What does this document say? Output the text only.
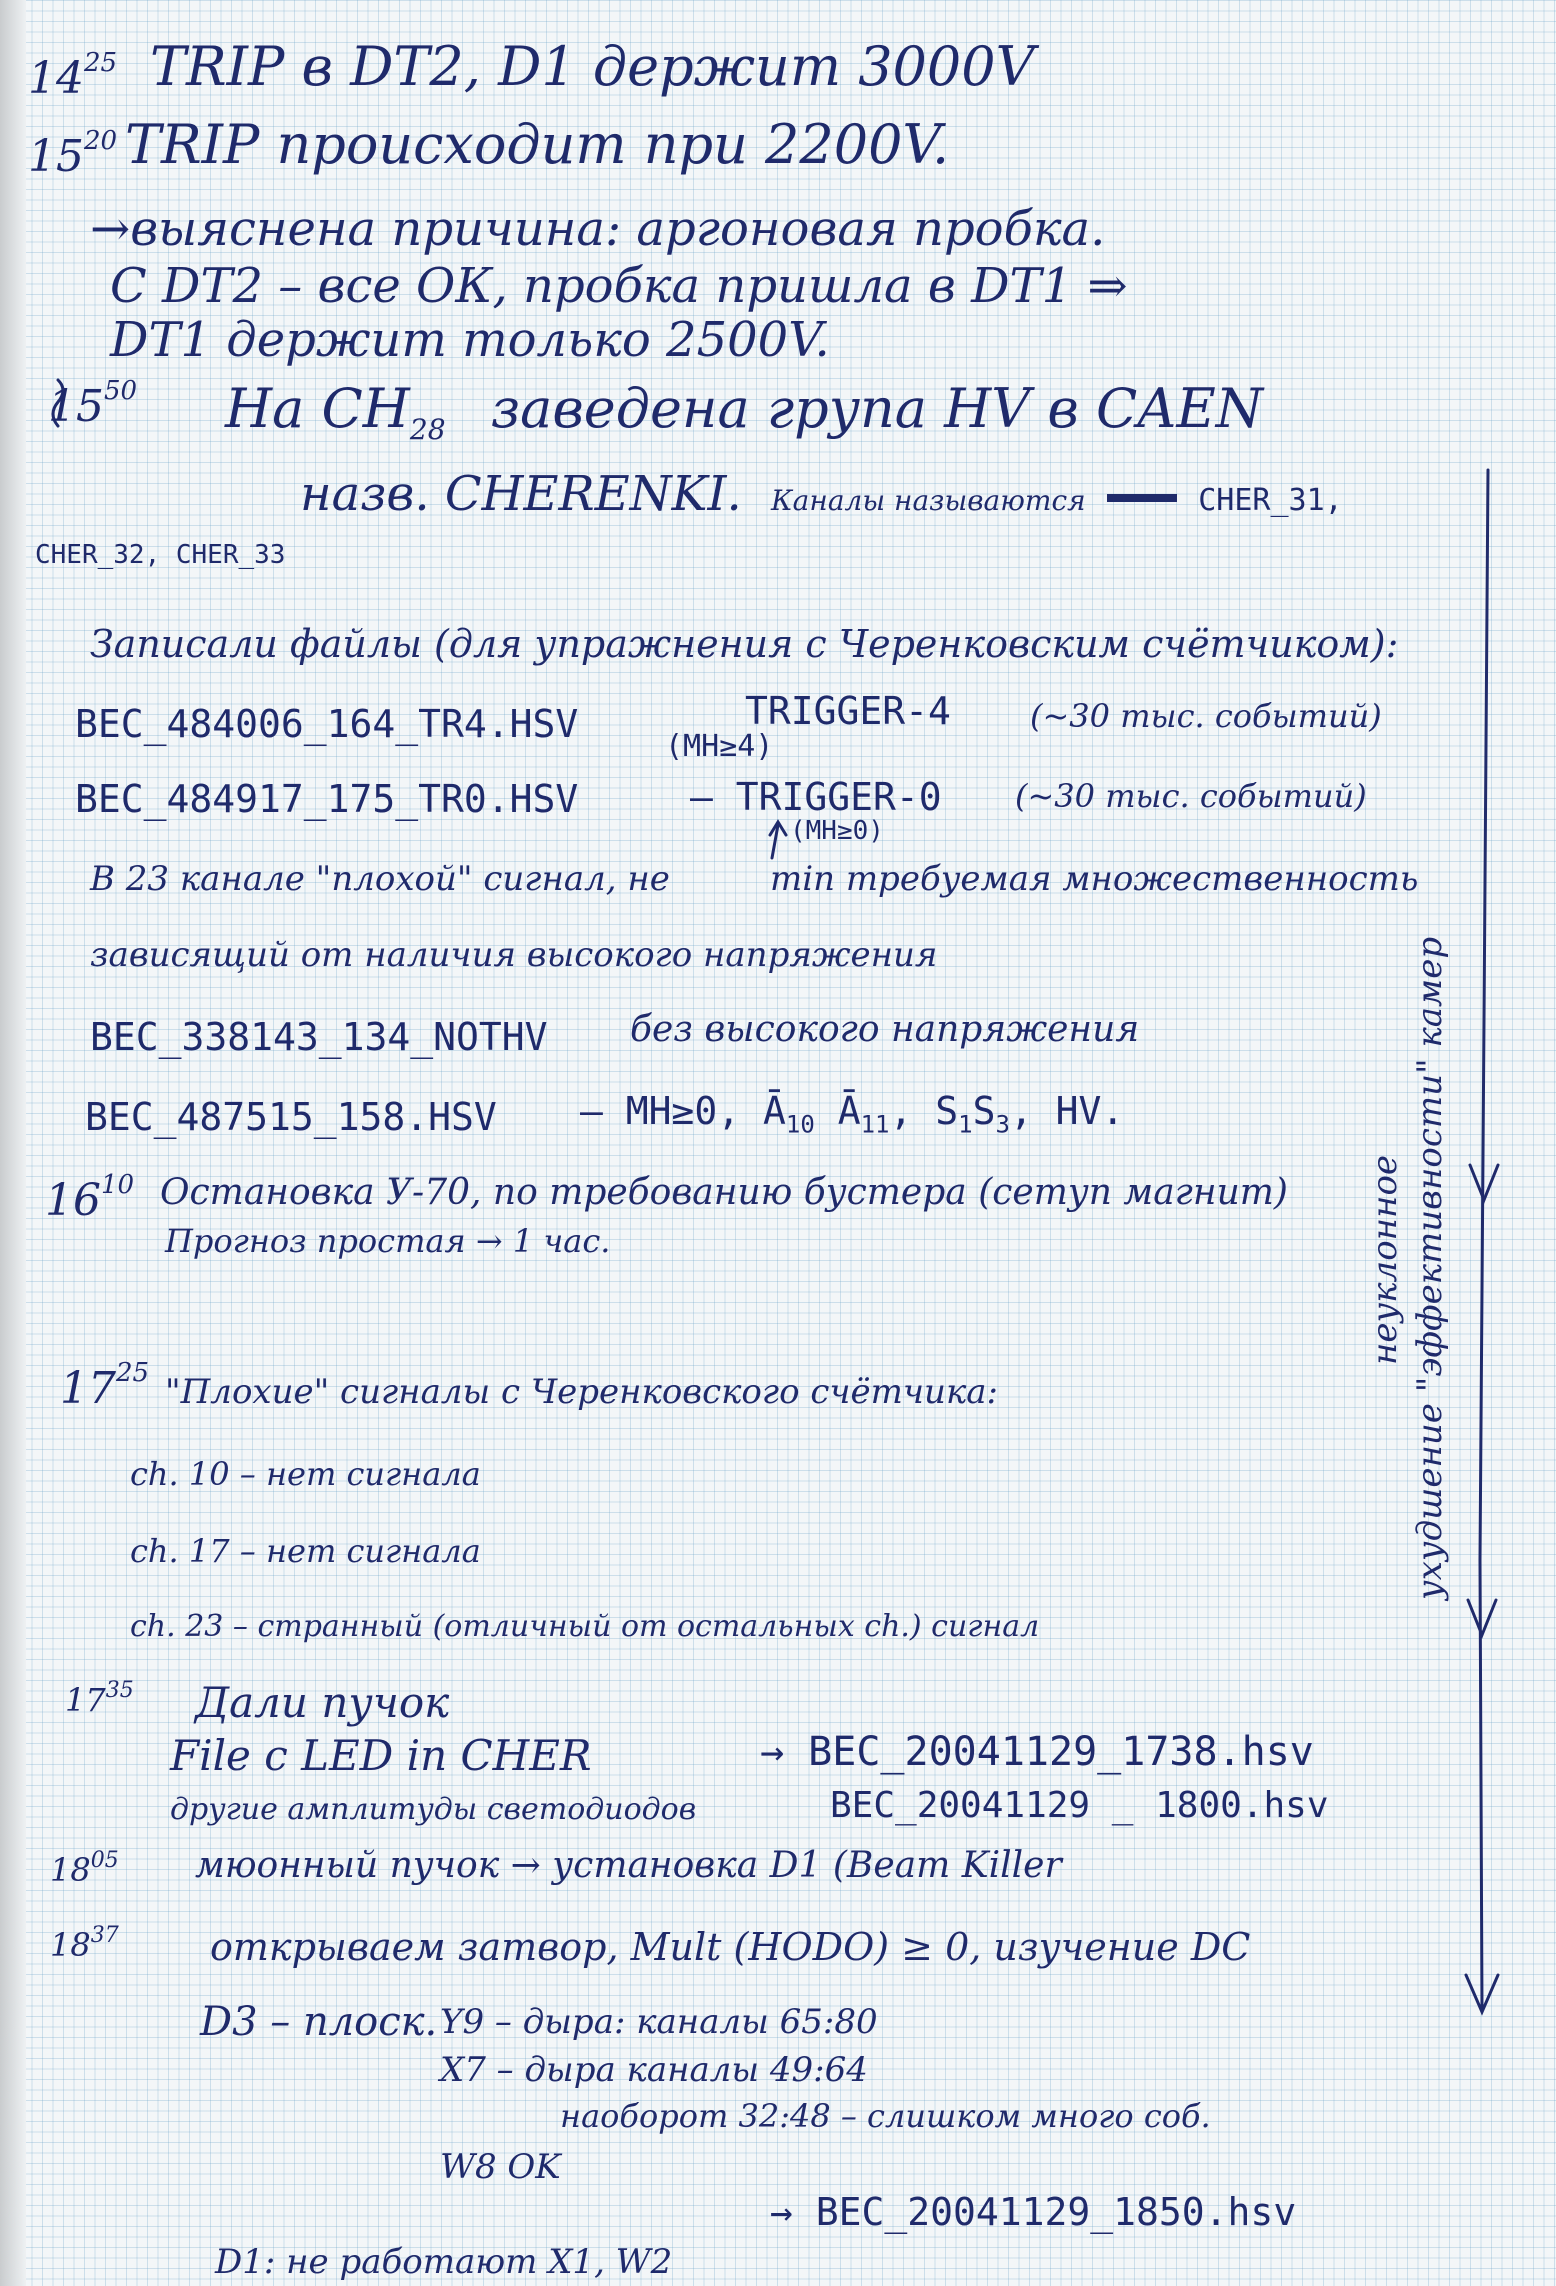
$14^{25}$ TRIP в DT2, D1 держит 3000V
$15^{20}$ TRIP происходит при 2200V.
→выяснена причина: аргоновая пробка.
С DT2 – все ОК, пробка пришла в DT1 ⇒
DT1 держит только 2500V.
$15^{50}$ На $CH_{28}$ заведена група HV в CAEN
назв. CHERENKI. Каналы называются	CHER_31,
CHER_32, CHER_33
Записали файлы (для упражнения с Черенковским счётчиком):
BEC_484006_164_TR4.HSV	TRIGGER-4
(MH≥4)
(~30 тыс. событий)
BEC_484917_175_TR0.HSV	– TRIGGER-0 (~30 тыс. событий)
(MH≥0)
В 23 канале "плохой" сигнал, не	min требуемая множественность
зависящий от наличия высокого напряжения
BEC_338143_134_NOTHV без высокого напряжения
BEC_487515_158.HSV – MH≥0, $Ā_{10}$ $Ā_{11}$, $S_1S_3$, HV.
$16^{10}$ Остановка У-70, по требованию бустера (сетуп магнит)
Прогноз простая → 1 час.
$17^{25}$ "Плохие" сигналы с Черенковского счётчика:
ch. 10 – нет сигнала
ch. 17 – нет сигнала
ch. 23 – странный (отличный от остальных ch.) сигнал
$17^{35}$ Дали пучок
File c LED in CHER	→ BEC_20041129_1738.hsv
другие амплитуды светодиодов	BEC_20041129 _ 1800.hsv
$18^{05}$ мюонный пучок → установка D1 (Beam Killer
$18^{37}$ открываем затвор, Mult (HODO) ≥ 0, изучение DC
D3 – плоск. Y9 – дыра: каналы 65:80
X7 – дыра каналы 49:64
наоборот 32:48 – слишком много соб.
W8 OK
→ BEC_20041129_1850.hsv
D1: не работают X1, W2
неуклонное ухудшение "эффективности" камер
